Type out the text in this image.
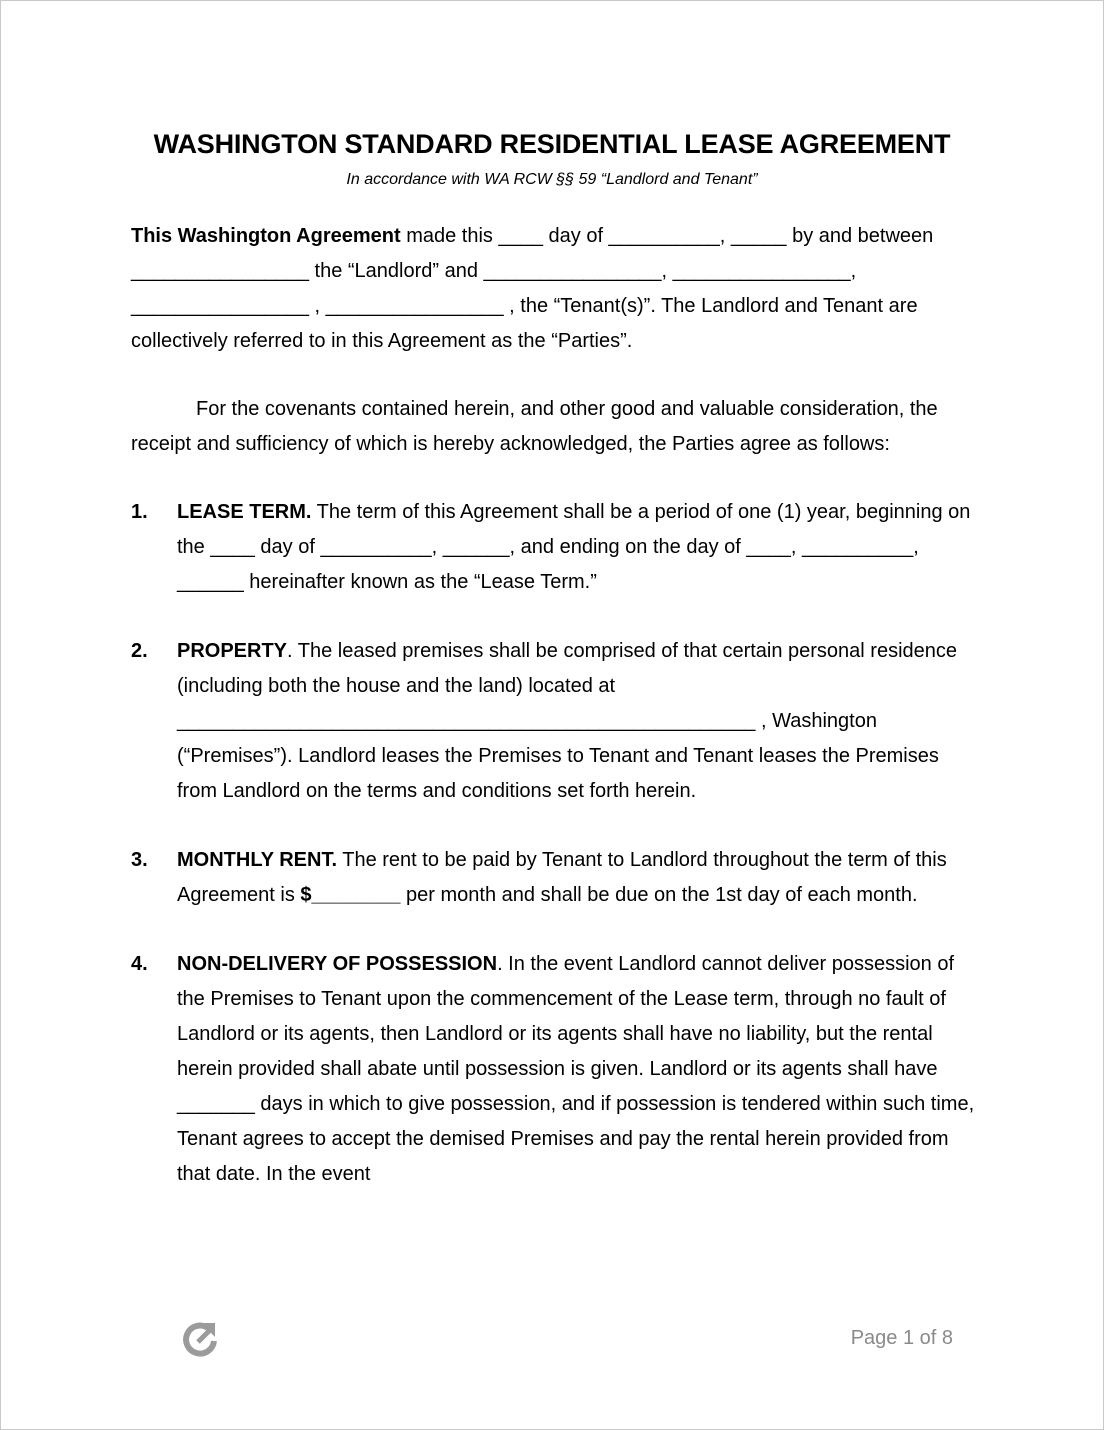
WASHINGTON STANDARD RESIDENTIAL LEASE AGREEMENT
In accordance with WA RCW §§ 59 “Landlord and Tenant”

This Washington Agreement made this ____ day of __________, _____ by and between ________________ the “Landlord” and ________________, ________________, ________________ , ________________ , the “Tenant(s)”. The Landlord and Tenant are collectively referred to in this Agreement as the “Parties”.

For the covenants contained herein, and other good and valuable consideration, the receipt and sufficiency of which is hereby acknowledged, the Parties agree as follows:

1. LEASE TERM. The term of this Agreement shall be a period of one (1) year, beginning on the ____ day of __________, ______, and ending on the day of ____, __________, ______ hereinafter known as the “Lease Term.”
2. PROPERTY. The leased premises shall be comprised of that certain personal residence (including both the house and the land) located at ____________________________________________________ , Washington (“Premises”). Landlord leases the Premises to Tenant and Tenant leases the Premises from Landlord on the terms and conditions set forth herein.
3. MONTHLY RENT. The rent to be paid by Tenant to Landlord throughout the term of this Agreement is $________ per month and shall be due on the 1st day of each month.
4. NON-DELIVERY OF POSSESSION. In the event Landlord cannot deliver possession of the Premises to Tenant upon the commencement of the Lease term, through no fault of Landlord or its agents, then Landlord or its agents shall have no liability, but the rental herein provided shall abate until possession is given. Landlord or its agents shall have _______ days in which to give possession, and if possession is tendered within such time, Tenant agrees to accept the demised Premises and pay the rental herein provided from that date. In the event
Page 1 of 8
